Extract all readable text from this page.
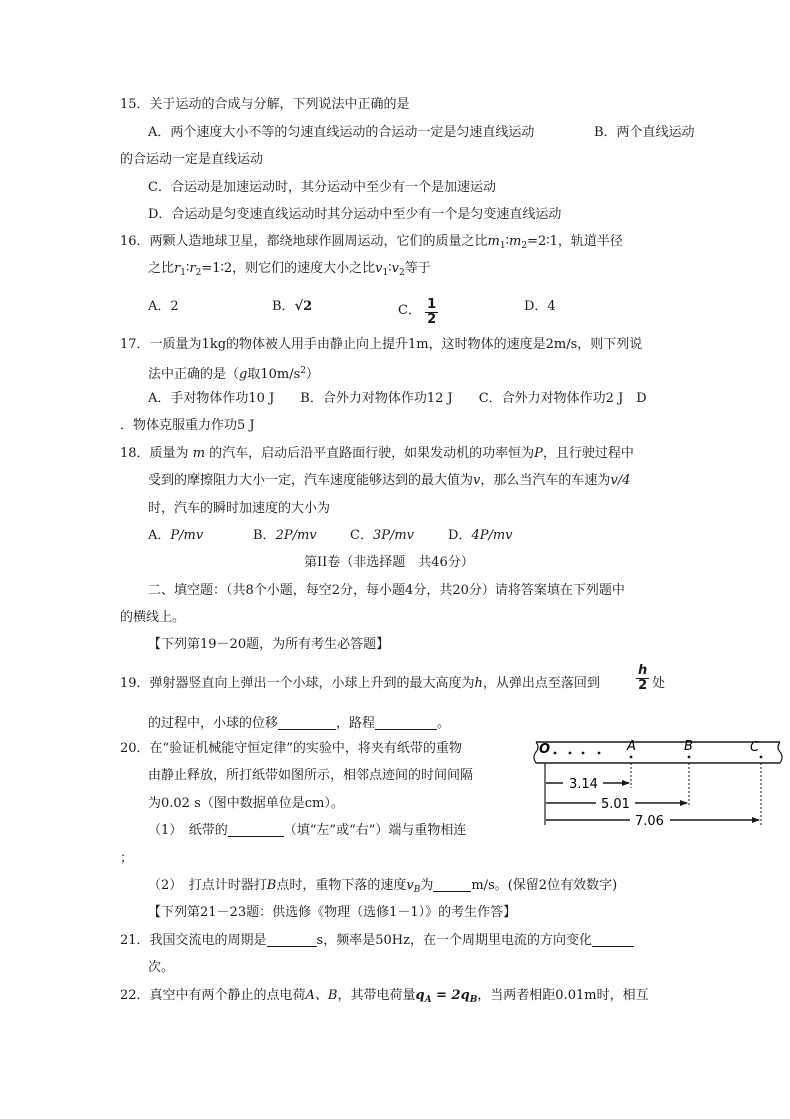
15．关于运动的合成与分解，下列说法中正确的是
A．两个速度大小不等的匀速直线运动的合运动一定是匀速直线运动	B．两个直线运动
的合运动一定是直线运动
C．合运动是加速运动时，其分运动中至少有一个是加速运动
D．合运动是匀变速直线运动时其分运动中至少有一个是匀变速直线运动
16．两颗人造地球卫星，都绕地球作圆周运动，它们的质量之比$m_1∶m_2=2∶1$，轨道半径
之比$r_1∶r_2=1∶2$，则它们的速度大小之比$v_1∶v_2$等于
A．2	B．√2	C． $\frac{1}{2}$	D．4
17．一质量为1kg的物体被人用手由静止向上提升1m，这时物体的速度是2m/s，则下列说
法中正确的是（g取$10m/s^2$）
A．手对物体作功10 J　　B．合外力对物体作功12 J　　C．合外力对物体作功2 J　D
．物体克服重力作功5 J
18．质量为 m 的汽车，启动后沿平直路面行驶，如果发动机的功率恒为P，且行驶过程中
受到的摩擦阻力大小一定，汽车速度能够达到的最大值为v，那么当汽车的车速为v/4
时，汽车的瞬时加速度的大小为
A．P/mv	B．2P/mv	C．3P/mv	D．4P/mv
第II卷（非选择题　共46分）
二、填空题：（共8个小题，每空2分，每小题4分，共20分）请将答案填在下列题中
的横线上。
【下列第19－20题，为所有考生必答题】
19．弹射器竖直向上弹出一个小球，小球上升到的最大高度为h，从弹出点至落回到	$\frac{h}{2}$ 处
的过程中，小球的位移	，路程	。
20．在“验证机械能守恒定律”的实验中，将夹有纸带的重物
由静止释放，所打纸带如图所示，相邻点迹间的时间间隔
为0.02 s（图中数据单位是cm）。
（1）　纸带的	（填“左”或“右”）端与重物相连
；
（2）　打点计时器打B点时，重物下落的速度$v_B$为	m/s。(保留2位有效数字)
O	A	B	C
3.14
5.01
7.06
【下列第21－23题：供选修《物理（选修1－1）》的考生作答】
21．我国交流电的周期是	s，频率是50Hz，在一个周期里电流的方向变化
次。
22．真空中有两个静止的点电荷A、B，其带电荷量$q_A = 2q_B$，当两者相距0.01m时，相互
